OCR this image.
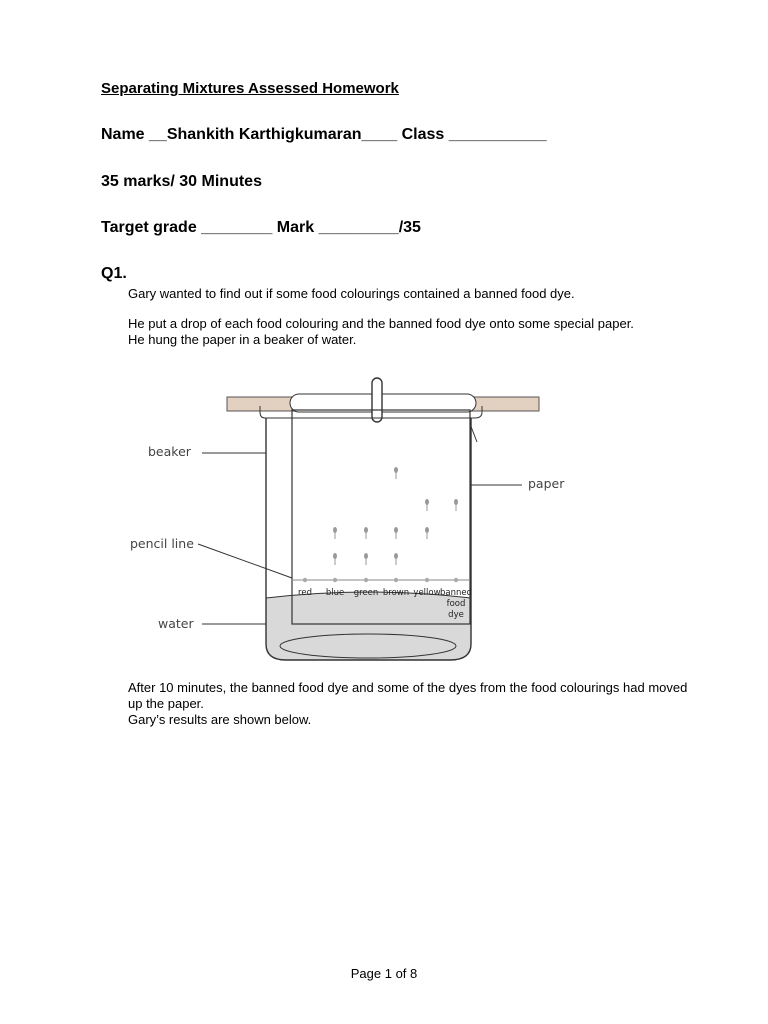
Separating Mixtures Assessed Homework
Name __Shankith Karthigkumaran____ Class ___________
35 marks/ 30 Minutes
Target grade ________ Mark _________/35
Q1.
Gary wanted to find out if some food colourings contained a banned food dye.
He put a drop of each food colouring and the banned food dye onto some special paper.
He hung the paper in a beaker of water.
red blue green brown yellow banned
food
dye
beaker
paper
pencil line
water
After 10 minutes, the banned food dye and some of the dyes from the food colourings had moved up the paper.
Gary’s results are shown below.
Page 1 of 8
